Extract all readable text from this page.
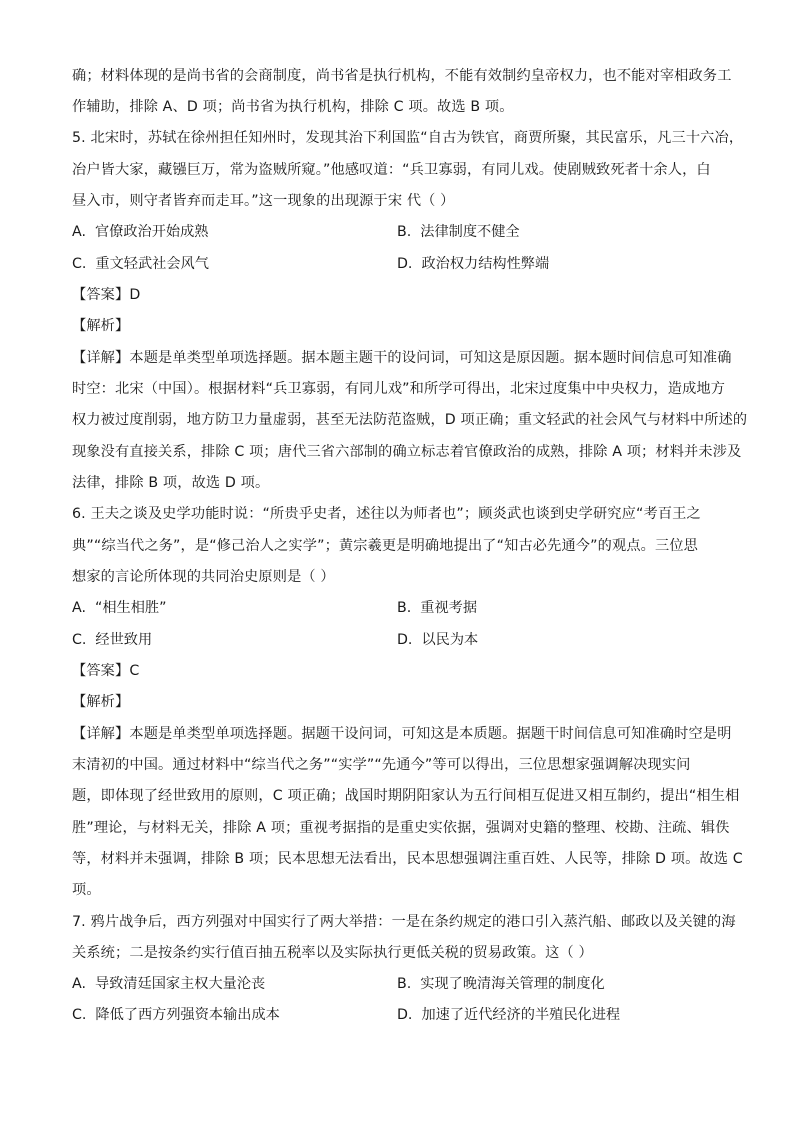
确；材料体现的是尚书省的会商制度，尚书省是执行机构，不能有效制约皇帝权力，也不能对宰相政务工
作辅助，排除 A、D 项；尚书省为执行机构，排除 C 项。故选 B 项。
5. 北宋时，苏轼在徐州担任知州时，发现其治下利国监“自古为铁官，商贾所聚，其民富乐，凡三十六冶，
冶户皆大家，藏镪巨万，常为盗贼所窥。”他感叹道：“兵卫寡弱，有同儿戏。使剧贼致死者十余人，白
昼入市，则守者皆弃而走耳。”这一现象的出现源于宋 代（ ）
A. 官僚政治开始成熟	B. 法律制度不健全
C. 重文轻武社会风气	D. 政治权力结构性弊端
【答案】D
【解析】
【详解】本题是单类型单项选择题。据本题主题干的设问词，可知这是原因题。据本题时间信息可知准确
时空：北宋（中国）。根据材料“兵卫寡弱，有同儿戏”和所学可得出，北宋过度集中中央权力，造成地方
权力被过度削弱，地方防卫力量虚弱，甚至无法防范盗贼，D 项正确；重文轻武的社会风气与材料中所述的
现象没有直接关系，排除 C 项；唐代三省六部制的确立标志着官僚政治的成熟，排除 A 项；材料并未涉及
法律，排除 B 项，故选 D 项。
6. 王夫之谈及史学功能时说：“所贵乎史者，述往以为师者也”；顾炎武也谈到史学研究应“考百王之
典”“综当代之务”，是“修己治人之实学”；黄宗羲更是明确地提出了“知古必先通今”的观点。三位思
想家的言论所体现的共同治史原则是（ ）
A. “相生相胜”	B. 重视考据
C. 经世致用	D. 以民为本
【答案】C
【解析】
【详解】本题是单类型单项选择题。据题干设问词，可知这是本质题。据题干时间信息可知准确时空是明
末清初的中国。通过材料中“综当代之务”“实学”“先通今”等可以得出，三位思想家强调解决现实问
题，即体现了经世致用的原则，C 项正确；战国时期阴阳家认为五行间相互促进又相互制约，提出“相生相
胜”理论，与材料无关，排除 A 项；重视考据指的是重史实依据，强调对史籍的整理、校勘、注疏、辑佚
等，材料并未强调，排除 B 项；民本思想无法看出，民本思想强调注重百姓、人民等，排除 D 项。故选 C
项。
7. 鸦片战争后，西方列强对中国实行了两大举措：一是在条约规定的港口引入蒸汽船、邮政以及关键的海
关系统；二是按条约实行值百抽五税率以及实际执行更低关税的贸易政策。这（ ）
A. 导致清廷国家主权大量沦丧	B. 实现了晚清海关管理的制度化
C. 降低了西方列强资本输出成本	D. 加速了近代经济的半殖民化进程
